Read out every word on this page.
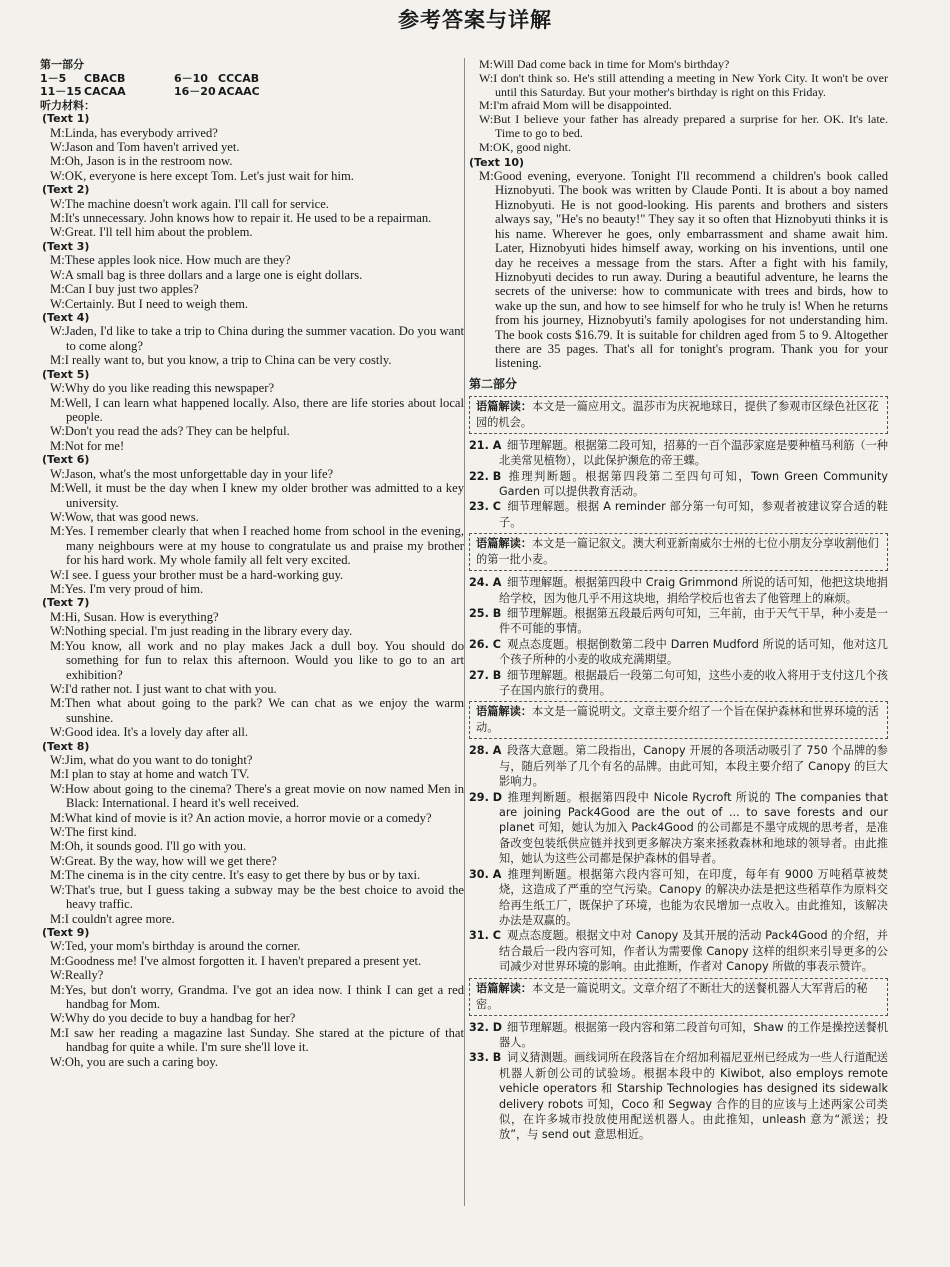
参考答案与详解
第一部分
1－5 CBACB	6－10 CCCAB
11－15 CACAA	16－20 ACAAC
听力材料：
(Text 1)

M:Linda, has everybody arrived?

W:Jason and Tom haven't arrived yet.

M:Oh, Jason is in the restroom now.

W:OK, everyone is here except Tom. Let's just wait for him.

(Text 2)

W:The machine doesn't work again. I'll call for service.

M:It's unnecessary. John knows how to repair it. He used to be a repairman.

W:Great. I'll tell him about the problem.

(Text 3)

M:These apples look nice. How much are they?

W:A small bag is three dollars and a large one is eight dollars.

M:Can I buy just two apples?

W:Certainly. But I need to weigh them.

(Text 4)

W:Jaden, I'd like to take a trip to China during the summer vacation. Do you want to come along?

M:I really want to, but you know, a trip to China can be very costly.

(Text 5)

W:Why do you like reading this newspaper?

M:Well, I can learn what happened locally. Also, there are life stories about local people.

W:Don't you read the ads? They can be helpful.

M:Not for me!

(Text 6)

W:Jason, what's the most unforgettable day in your life?

M:Well, it must be the day when I knew my older brother was admitted to a key university.

W:Wow, that was good news.

M:Yes. I remember clearly that when I reached home from school in the evening, many neighbours were at my house to congratulate us and praise my brother for his hard work. My whole family all felt very excited.

W:I see. I guess your brother must be a hard-working guy.

M:Yes. I'm very proud of him.

(Text 7)

M:Hi, Susan. How is everything?

W:Nothing special. I'm just reading in the library every day.

M:You know, all work and no play makes Jack a dull boy. You should do something for fun to relax this afternoon. Would you like to go to an art exhibition?

W:I'd rather not. I just want to chat with you.

M:Then what about going to the park? We can chat as we enjoy the warm sunshine.

W:Good idea. It's a lovely day after all.

(Text 8)

W:Jim, what do you want to do tonight?

M:I plan to stay at home and watch TV.

W:How about going to the cinema? There's a great movie on now named Men in Black: International. I heard it's well received.

M:What kind of movie is it? An action movie, a horror movie or a comedy?

W:The first kind.

M:Oh, it sounds good. I'll go with you.

W:Great. By the way, how will we get there?

M:The cinema is in the city centre. It's easy to get there by bus or by taxi.

W:That's true, but I guess taking a subway may be the best choice to avoid the heavy traffic.

M:I couldn't agree more.

(Text 9)

W:Ted, your mom's birthday is around the corner.

M:Goodness me! I've almost forgotten it. I haven't prepared a present yet.

W:Really?

M:Yes, but don't worry, Grandma. I've got an idea now. I think I can get a red handbag for Mom.

W:Why do you decide to buy a handbag for her?

M:I saw her reading a magazine last Sunday. She stared at the picture of that handbag for quite a while. I'm sure she'll love it.

W:Oh, you are such a caring boy.

M:Will Dad come back in time for Mom's birthday?

W:I don't think so. He's still attending a meeting in New York City. It won't be over until this Saturday. But your mother's birthday is right on this Friday.

M:I'm afraid Mom will be disappointed.

W:But I believe your father has already prepared a surprise for her. OK. It's late. Time to go to bed.

M:OK, good night.

(Text 10)

M:Good evening, everyone. Tonight I'll recommend a children's book called Hiznobyuti. The book was written by Claude Ponti. It is about a boy named Hiznobyuti. He is not good-looking. His parents and brothers and sisters always say, "He's no beauty!" They say it so often that Hiznobyuti thinks it is his name. Wherever he goes, only embarrassment and shame await him. Later, Hiznobyuti hides himself away, working on his inventions, until one day he receives a message from the stars. After a fight with his family, Hiznobyuti decides to run away. During a beautiful adventure, he learns the secrets of the universe: how to communicate with trees and birds, how to wake up the sun, and how to see himself for who he truly is! When he returns from his journey, Hiznobyuti's family apologises for not understanding him. The book costs $16.79. It is suitable for children aged from 5 to 9. Altogether there are 35 pages. That's all for tonight's program. Thank you for your listening.

第二部分
语篇解读：本文是一篇应用文。温莎市为庆祝地球日，提供了参观市区绿色社区花园的机会。

21. A 细节理解题。根据第二段可知，招募的一百个温莎家庭是要种植马利筋（一种北美常见植物），以此保护濒危的帝王蝶。

22. B 推理判断题。根据第四段第二至四句可知，Town Green Community Garden 可以提供教育活动。

23. C 细节理解题。根据 A reminder 部分第一句可知，参观者被建议穿合适的鞋子。

语篇解读：本文是一篇记叙文。澳大利亚新南威尔士州的七位小朋友分享收割他们的第一批小麦。

24. A 细节理解题。根据第四段中 Craig Grimmond 所说的话可知，他把这块地捐给学校，因为他几乎不用这块地，捐给学校后也省去了他管理上的麻烦。

25. B 细节理解题。根据第五段最后两句可知，三年前，由于天气干旱，种小麦是一件不可能的事情。

26. C 观点态度题。根据倒数第二段中 Darren Mudford 所说的话可知，他对这几个孩子所种的小麦的收成充满期望。

27. B 细节理解题。根据最后一段第二句可知，这些小麦的收入将用于支付这几个孩子在国内旅行的费用。

语篇解读：本文是一篇说明文。文章主要介绍了一个旨在保护森林和世界环境的活动。

28. A 段落大意题。第二段指出，Canopy 开展的各项活动吸引了 750 个品牌的参与，随后列举了几个有名的品牌。由此可知，本段主要介绍了 Canopy 的巨大影响力。

29. D 推理判断题。根据第四段中 Nicole Rycroft 所说的 The companies that are joining Pack4Good are the out of ... to save forests and our planet 可知，她认为加入 Pack4Good 的公司都是不墨守成规的思考者，是准备改变包装纸供应链并找到更多解决方案来拯救森林和地球的领导者。由此推知，她认为这些公司都是保护森林的倡导者。

30. A 推理判断题。根据第六段内容可知，在印度，每年有 9000 万吨稻草被焚烧，这造成了严重的空气污染。Canopy 的解决办法是把这些稻草作为原料交给再生纸工厂，既保护了环境，也能为农民增加一点收入。由此推知，该解决办法是双赢的。

31. C 观点态度题。根据文中对 Canopy 及其开展的活动 Pack4Good 的介绍，并结合最后一段内容可知，作者认为需要像 Canopy 这样的组织来引导更多的公司减少对世界环境的影响。由此推断，作者对 Canopy 所做的事表示赞许。

语篇解读：本文是一篇说明文。文章介绍了不断壮大的送餐机器人大军背后的秘密。

32. D 细节理解题。根据第一段内容和第二段首句可知，Shaw 的工作是操控送餐机器人。

33. B 词义猜测题。画线词所在段落旨在介绍加利福尼亚州已经成为一些人行道配送机器人新创公司的试验场。根据本段中的 Kiwibot, also employs remote vehicle operators 和 Starship Technologies has designed its sidewalk delivery robots 可知，Coco 和 Segway 合作的目的应该与上述两家公司类似，在许多城市投放使用配送机器人。由此推知，unleash 意为“派送；投放”，与 send out 意思相近。
